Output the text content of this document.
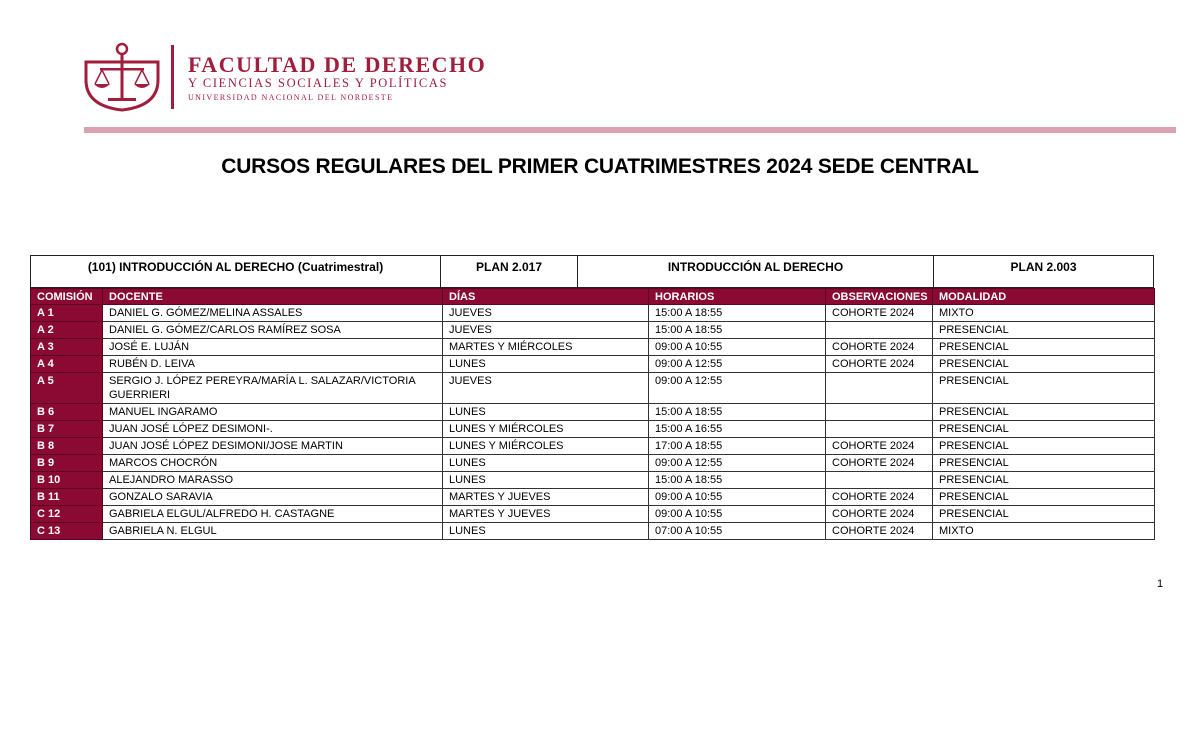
FACULTAD DE DERECHO
Y CIENCIAS SOCIALES Y POLÍTICAS
UNIVERSIDAD NACIONAL DEL NORDESTE
CURSOS REGULARES DEL PRIMER CUATRIMESTRES 2024 SEDE CENTRAL
(101) INTRODUCCIÓN AL DERECHO (Cuatrimestral)	PLAN 2.017	INTRODUCCIÓN AL DERECHO	PLAN 2.003
COMISIÓN	DOCENTE	DÍAS	HORARIOS	OBSERVACIONES	MODALIDAD
A 1	DANIEL G. GÓMEZ/MELINA ASSALES	JUEVES	15:00 A 18:55	COHORTE 2024	MIXTO
A 2	DANIEL G. GÓMEZ/CARLOS RAMÍREZ SOSA	JUEVES	15:00 A 18:55		PRESENCIAL
A 3	JOSÉ E. LUJÁN	MARTES Y MIÉRCOLES	09:00 A 10:55	COHORTE 2024	PRESENCIAL
A 4	RUBÉN D. LEIVA	LUNES	09:00 A 12:55	COHORTE 2024	PRESENCIAL
A 5	SERGIO J. LÓPEZ PEREYRA/MARÍA L. SALAZAR/VICTORIA GUERRIERI	JUEVES	09:00 A 12:55		PRESENCIAL
B 6	MANUEL INGARAMO	LUNES	15:00 A 18:55		PRESENCIAL
B 7	JUAN JOSÉ LÓPEZ DESIMONI-.	LUNES Y MIÉRCOLES	15:00 A 16:55		PRESENCIAL
B 8	JUAN JOSÉ LÓPEZ DESIMONI/JOSE MARTIN	LUNES Y MIÉRCOLES	17:00 A 18:55	COHORTE 2024	PRESENCIAL
B 9	MARCOS CHOCRÓN	LUNES	09:00 A 12:55	COHORTE 2024	PRESENCIAL
B 10	ALEJANDRO MARASSO	LUNES	15:00 A 18:55		PRESENCIAL
B 11	GONZALO SARAVIA	MARTES Y JUEVES	09:00 A 10:55	COHORTE 2024	PRESENCIAL
C 12	GABRIELA ELGUL/ALFREDO H. CASTAGNE	MARTES Y JUEVES	09:00 A 10:55	COHORTE 2024	PRESENCIAL
C 13	GABRIELA N. ELGUL	LUNES	07:00 A 10:55	COHORTE 2024	MIXTO
1
